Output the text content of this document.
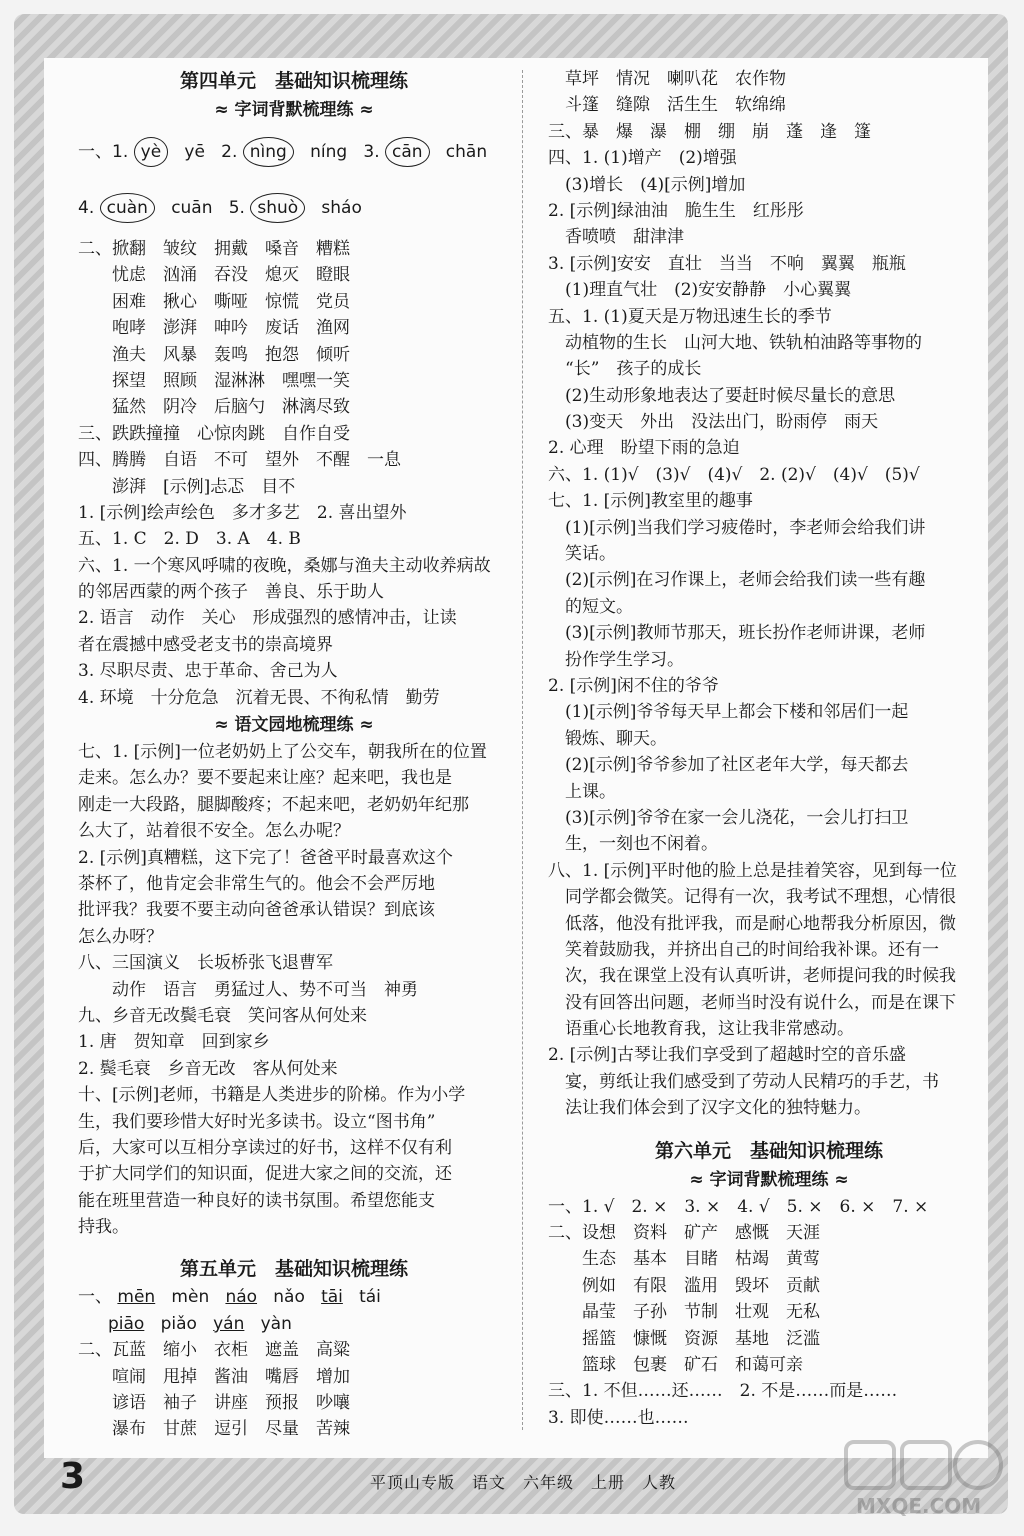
第四单元　基础知识梳理练
≈ 字词背默梳理练 ≈
一、1. yè yē 2. nìng níng 3. cān chān
4. cuàn cuān 5. shuò sháo
二、掀翻　皱纹　拥戴　嗓音　糟糕
　　忧虑　汹涌　吞没　熄灭　瞪眼
　　困难　揪心　嘶哑　惊慌　党员
　　咆哮　澎湃　呻吟　废话　渔网
　　渔夫　风暴　轰鸣　抱怨　倾听
　　探望　照顾　湿淋淋　嘿嘿一笑
　　猛然　阴冷　后脑勺　淋漓尽致
三、跌跌撞撞　心惊肉跳　自作自受
四、腾腾　自语　不可　望外　不醒　一息
　　澎湃　[示例]忐忑　目不
1. [示例]绘声绘色　多才多艺　2. 喜出望外
五、1. C　2. D　3. A　4. B
六、1. 一个寒风呼啸的夜晚，桑娜与渔夫主动收养病故
的邻居西蒙的两个孩子　善良、乐于助人
2. 语言　动作　关心　形成强烈的感情冲击，让读
者在震撼中感受老支书的崇高境界
3. 尽职尽责、忠于革命、舍己为人
4. 环境　十分危急　沉着无畏、不徇私情　勤劳
≈ 语文园地梳理练 ≈
七、1. [示例]一位老奶奶上了公交车，朝我所在的位置
走来。怎么办？要不要起来让座？起来吧，我也是
刚走一大段路，腿脚酸疼；不起来吧，老奶奶年纪那
么大了，站着很不安全。怎么办呢？
2. [示例]真糟糕，这下完了！爸爸平时最喜欢这个
茶杯了，他肯定会非常生气的。他会不会严厉地
批评我？我要不要主动向爸爸承认错误？到底该
怎么办呀？
八、三国演义　长坂桥张飞退曹军
　　动作　语言　勇猛过人、势不可当　神勇
九、乡音无改鬓毛衰　笑问客从何处来
1. 唐　贺知章　回到家乡
2. 鬓毛衰　乡音无改　客从何处来
十、[示例]老师，书籍是人类进步的阶梯。作为小学
生，我们要珍惜大好时光多读书。设立“图书角”
后，大家可以互相分享读过的好书，这样不仅有利
于扩大同学们的知识面，促进大家之间的交流，还
能在班里营造一种良好的读书氛围。希望您能支
持我。
第五单元　基础知识梳理练
一、 mēn mèn náo nǎo tāi tái
piāo piǎo yán yàn
二、瓦蓝　缩小　衣柜　遮盖　高粱
　　喧闹　甩掉　酱油　嘴唇　增加
　　谚语　袖子　讲座　预报　吵嚷
　　瀑布　甘蔗　逗引　尽量　苦辣
　草坪　情况　喇叭花　农作物
　斗篷　缝隙　活生生　软绵绵
三、暴　爆　瀑　棚　绷　崩　蓬　逢　篷
四、1. (1)增产　(2)增强
　(3)增长　(4)[示例]增加
2. [示例]绿油油　脆生生　红彤彤
　香喷喷　甜津津
3. [示例]安安　直壮　当当　不响　翼翼　瓶瓶
　(1)理直气壮　(2)安安静静　小心翼翼
五、1. (1)夏天是万物迅速生长的季节
　动植物的生长　山河大地、铁轨柏油路等事物的
　“长”　孩子的成长
　(2)生动形象地表达了要赶时候尽量长的意思
　(3)变天　外出　没法出门，盼雨停　雨天
2. 心理　盼望下雨的急迫
六、1. (1)√　(3)√　(4)√　2. (2)√　(4)√　(5)√
七、1. [示例]教室里的趣事
　(1)[示例]当我们学习疲倦时，李老师会给我们讲
　笑话。
　(2)[示例]在习作课上，老师会给我们读一些有趣
　的短文。
　(3)[示例]教师节那天，班长扮作老师讲课，老师
　扮作学生学习。
2. [示例]闲不住的爷爷
　(1)[示例]爷爷每天早上都会下楼和邻居们一起
　锻炼、聊天。
　(2)[示例]爷爷参加了社区老年大学，每天都去
　上课。
　(3)[示例]爷爷在家一会儿浇花，一会儿打扫卫
　生，一刻也不闲着。
八、1. [示例]平时他的脸上总是挂着笑容，见到每一位
　同学都会微笑。记得有一次，我考试不理想，心情很
　低落，他没有批评我，而是耐心地帮我分析原因，微
　笑着鼓励我，并挤出自己的时间给我补课。还有一
　次，我在课堂上没有认真听讲，老师提问我的时候我
　没有回答出问题，老师当时没有说什么，而是在课下
　语重心长地教育我，这让我非常感动。
2. [示例]古琴让我们享受到了超越时空的音乐盛
　宴，剪纸让我们感受到了劳动人民精巧的手艺，书
　法让我们体会到了汉字文化的独特魅力。
第六单元　基础知识梳理练
≈ 字词背默梳理练 ≈
一、1. √　2. ×　3. ×　4. √　5. ×　6. ×　7. ×
二、设想　资料　矿产　感慨　天涯
　　生态　基本　目睹　枯竭　黄莺
　　例如　有限　滥用　毁坏　贡献
　　晶莹　子孙　节制　壮观　无私
　　摇篮　慷慨　资源　基地　泛滥
　　篮球　包裹　矿石　和蔼可亲
三、1. 不但……还……　2. 不是……而是……
3. 即使……也……
3	平顶山专版　语文　六年级　上册　人教
MXQE.COM
